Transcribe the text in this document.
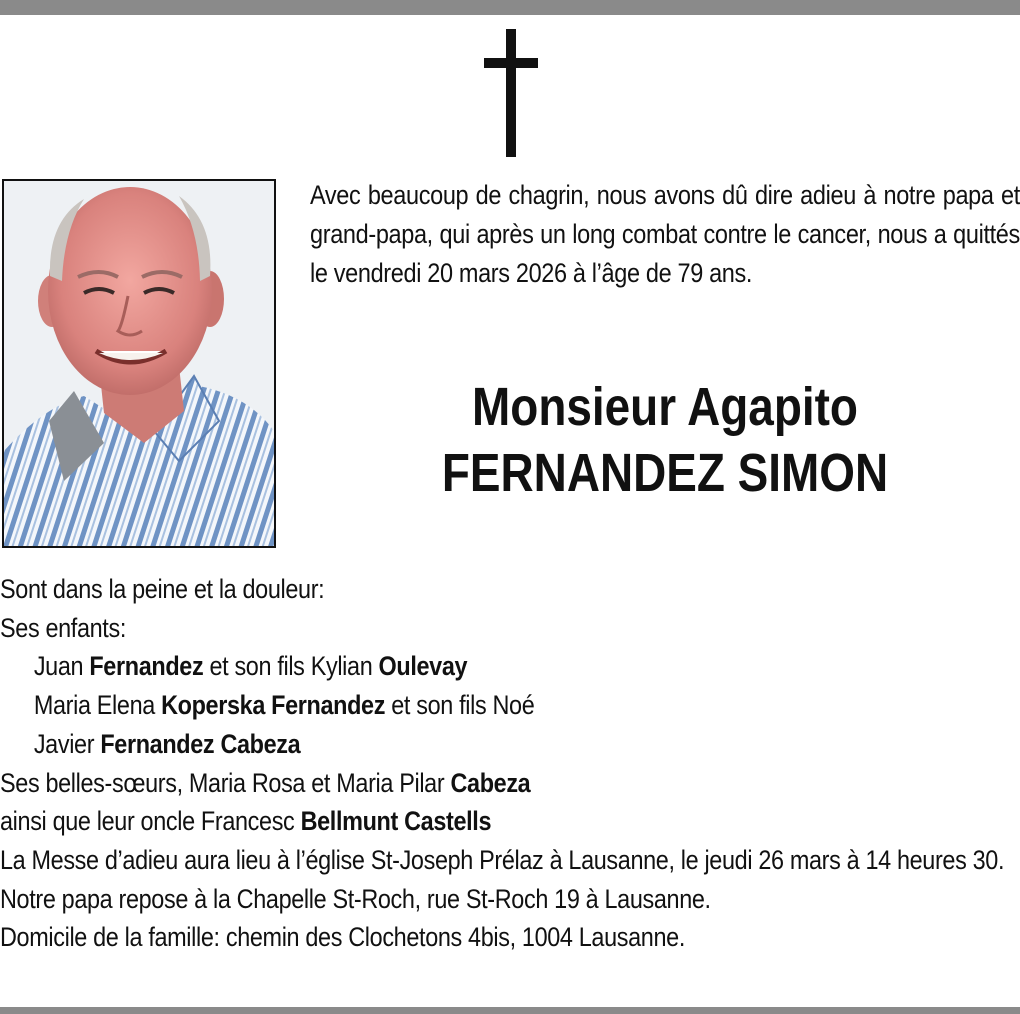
Avec beaucoup de chagrin, nous avons dû dire adieu à notre papa et grand-papa, qui après un long combat contre le cancer, nous a quittés le vendredi 20 mars 2026 à l’âge de 79 ans.
Monsieur Agapito
FERNANDEZ SIMON
Sont dans la peine et la douleur:
Ses enfants:
Juan Fernandez et son fils Kylian Oulevay
Maria Elena Koperska Fernandez et son fils Noé
Javier Fernandez Cabeza
Ses belles-sœurs, Maria Rosa et Maria Pilar Cabeza
ainsi que leur oncle Francesc Bellmunt Castells
La Messe d’adieu aura lieu à l’église St-Joseph Prélaz à Lausanne, le jeudi 26 mars à 14 heures 30.
Notre papa repose à la Chapelle St-Roch, rue St-Roch 19 à Lausanne.
Domicile de la famille: chemin des Clochetons 4bis, 1004 Lausanne.
